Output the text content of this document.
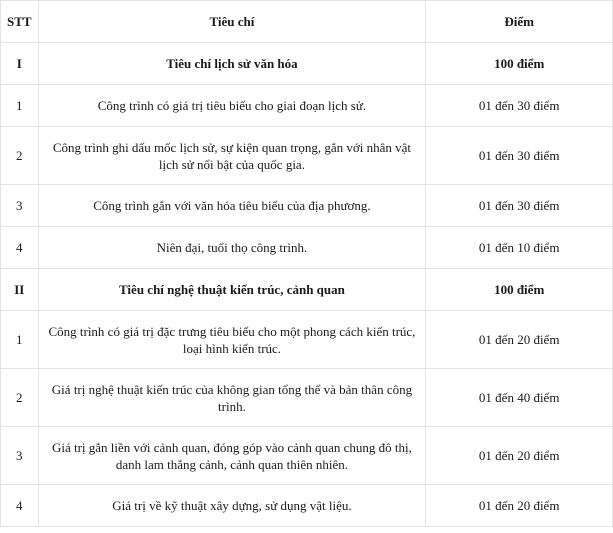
STT	Tiêu chí	Điểm
I	Tiêu chí lịch sử văn hóa	100 điểm
1	Công trình có giá trị tiêu biểu cho giai đoạn lịch sử.	01 đến 30 điểm
2	Công trình ghi dấu mốc lịch sử, sự kiện quan trọng, gắn với nhân vật lịch sử nổi bật của quốc gia.	01 đến 30 điểm
3	Công trình gắn với văn hóa tiêu biểu của địa phương.	01 đến 30 điểm
4	Niên đại, tuổi thọ công trình.	01 đến 10 điểm
II	Tiêu chí nghệ thuật kiến trúc, cảnh quan	100 điểm
1	Công trình có giá trị đặc trưng tiêu biểu cho một phong cách kiến trúc, loại hình kiến trúc.	01 đến 20 điểm
2	Giá trị nghệ thuật kiến trúc của không gian tổng thể và bản thân công trình.	01 đến 40 điểm
3	Giá trị gắn liền với cảnh quan, đóng góp vào cảnh quan chung đô thị, danh lam thắng cảnh, cảnh quan thiên nhiên.	01 đến 20 điểm
4	Giá trị về kỹ thuật xây dựng, sử dụng vật liệu.	01 đến 20 điểm
